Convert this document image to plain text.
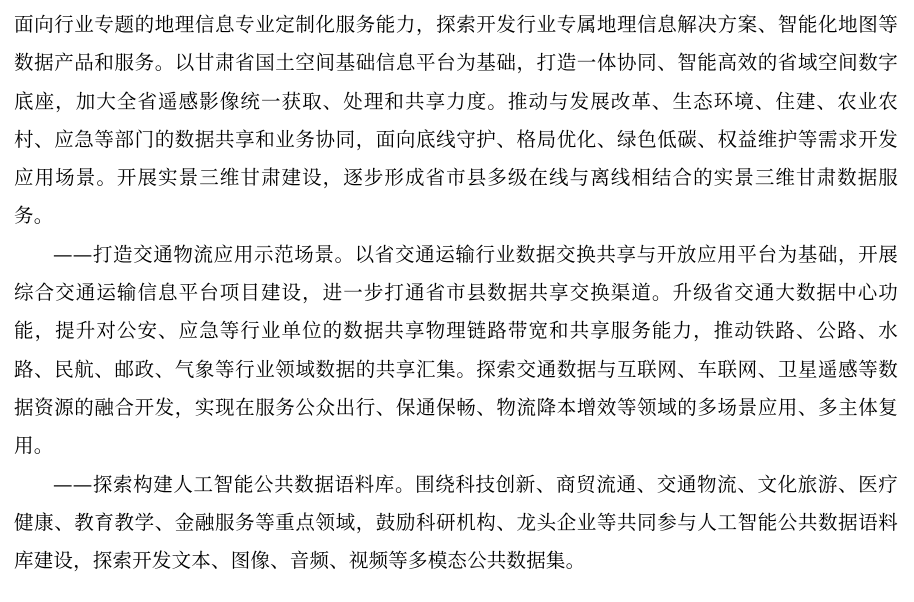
面向行业专题的地理信息专业定制化服务能力，探索开发行业专属地理信息解决方案、智能化地图等数据产品和服务。以甘肃省国土空间基础信息平台为基础，打造一体协同、智能高效的省域空间数字底座，加大全省遥感影像统一获取、处理和共享力度。推动与发展改革、生态环境、住建、农业农村、应急等部门的数据共享和业务协同，面向底线守护、格局优化、绿色低碳、权益维护等需求开发应用场景。开展实景三维甘肃建设，逐步形成省市县多级在线与离线相结合的实景三维甘肃数据服务。

——打造交通物流应用示范场景。以省交通运输行业数据交换共享与开放应用平台为基础，开展综合交通运输信息平台项目建设，进一步打通省市县数据共享交换渠道。升级省交通大数据中心功能，提升对公安、应急等行业单位的数据共享物理链路带宽和共享服务能力，推动铁路、公路、水路、民航、邮政、气象等行业领域数据的共享汇集。探索交通数据与互联网、车联网、卫星遥感等数据资源的融合开发，实现在服务公众出行、保通保畅、物流降本增效等领域的多场景应用、多主体复用。

——探索构建人工智能公共数据语料库。围绕科技创新、商贸流通、交通物流、文化旅游、医疗健康、教育教学、金融服务等重点领域，鼓励科研机构、龙头企业等共同参与人工智能公共数据语料库建设，探索开发文本、图像、音频、视频等多模态公共数据集。
